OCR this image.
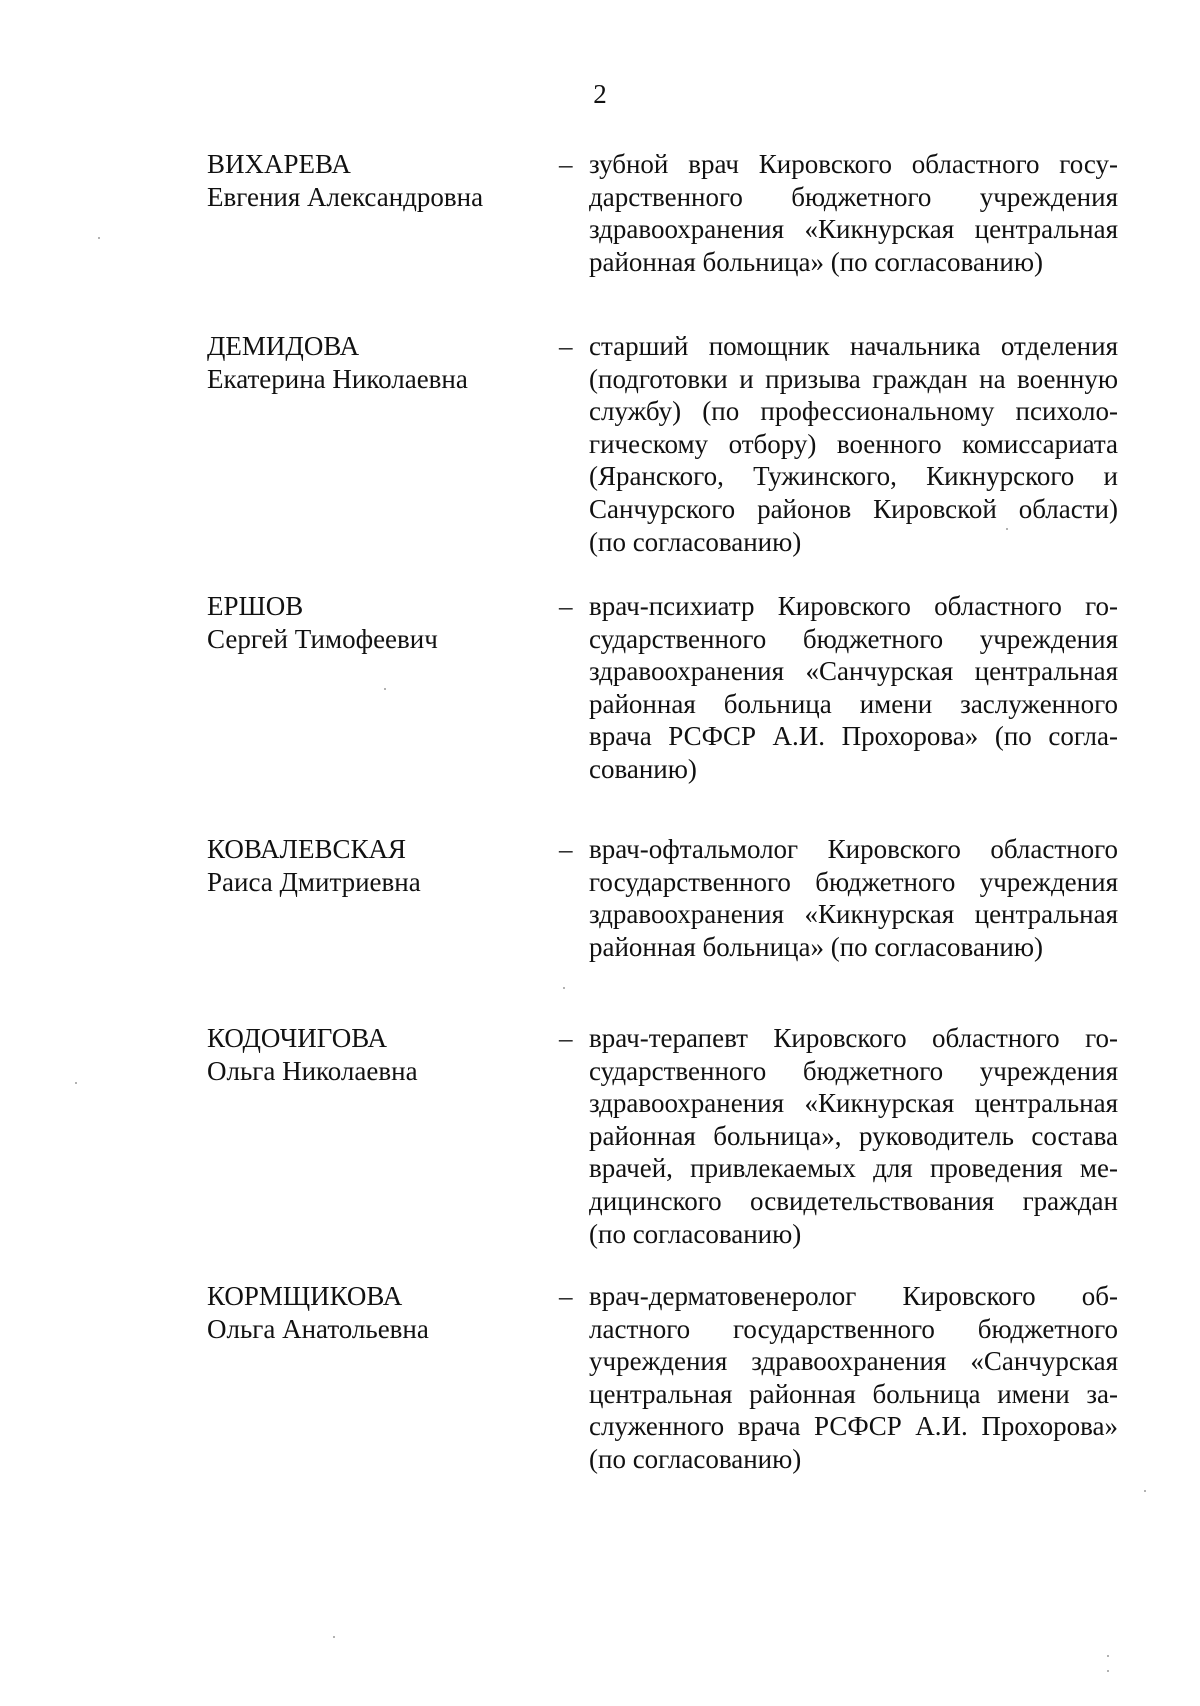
2
ВИХАРЕВА
Евгения Александровна
– зубной врач Кировского областного госу-
дарственного бюджетного учреждения
здравоохранения «Кикнурская центральная
районная больница» (по согласованию)
ДЕМИДОВА
Екатерина Николаевна
– старший помощник начальника отделения
(подготовки и призыва граждан на военную
службу) (по профессиональному психоло-
гическому отбору) военного комиссариата
(Яранского, Тужинского, Кикнурского и
Санчурского районов Кировской области)
(по согласованию)
ЕРШОВ
Сергей Тимофеевич
– врач-психиатр Кировского областного го-
сударственного бюджетного учреждения
здравоохранения «Санчурская центральная
районная больница имени заслуженного
врача РСФСР А.И. Прохорова» (по согла-
сованию)
КОВАЛЕВСКАЯ
Раиса Дмитриевна
– врач-офтальмолог Кировского областного
государственного бюджетного учреждения
здравоохранения «Кикнурская центральная
районная больница» (по согласованию)
КОДОЧИГОВА
Ольга Николаевна
– врач-терапевт Кировского областного го-
сударственного бюджетного учреждения
здравоохранения «Кикнурская центральная
районная больница», руководитель состава
врачей, привлекаемых для проведения ме-
дицинского освидетельствования граждан
(по согласованию)
КОРМЩИКОВА
Ольга Анатольевна
– врач-дерматовенеролог Кировского об-
ластного государственного бюджетного
учреждения здравоохранения «Санчурская
центральная районная больница имени за-
служенного врача РСФСР А.И. Прохорова»
(по согласованию)
